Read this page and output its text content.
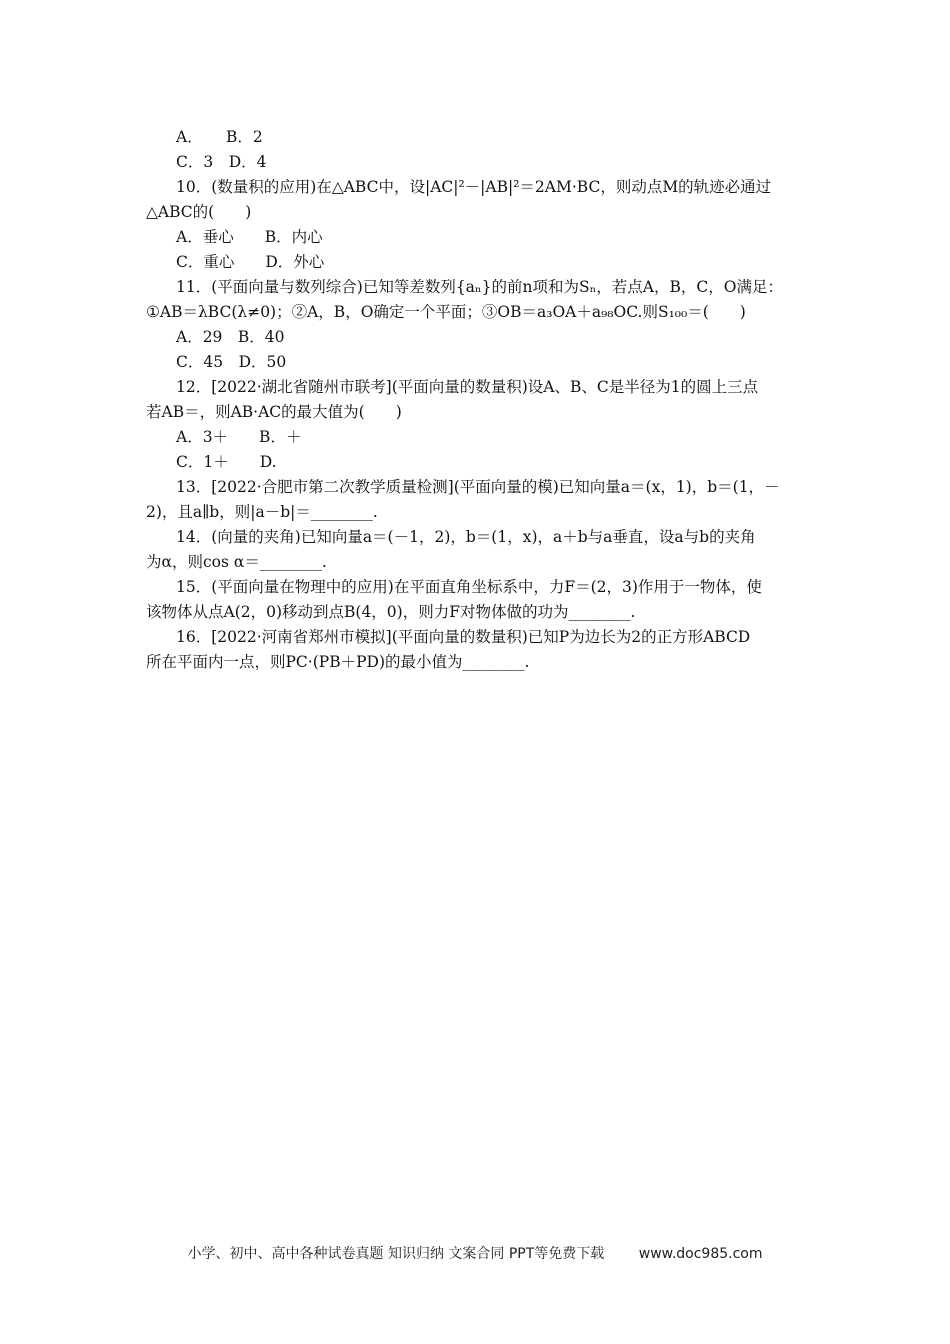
A．　　B．2
C．3　D．4
10．(数量积的应用)在△ABC中，设|AC|²－|AB|²＝2AM·BC，则动点M的轨迹必通过
△ABC的(　　)
A．垂心　　B．内心
C．重心　　D．外心
11．(平面向量与数列综合)已知等差数列{aₙ}的前n项和为Sₙ，若点A，B，C，O满足：
①AB＝λBC(λ≠0)；②A，B，O确定一个平面；③OB＝a₃OA＋a₉₈OC.则S₁₀₀＝(　　)
A．29　B．40
C．45　D．50
12．[2022·湖北省随州市联考](平面向量的数量积)设A、B、C是半径为1的圆上三点
若AB＝，则AB·AC的最大值为(　　)
A．3＋　　B．＋
C．1＋　　D.
13．[2022·合肥市第二次教学质量检测](平面向量的模)已知向量a＝(x，1)，b＝(1，－
2)，且a∥b，则|a－b|＝________.
14．(向量的夹角)已知向量a＝(－1，2)，b＝(1，x)，a＋b与a垂直，设a与b的夹角
为α，则cos α＝________.
15．(平面向量在物理中的应用)在平面直角坐标系中，力F＝(2，3)作用于一物体，使
该物体从点A(2，0)移动到点B(4，0)，则力F对物体做的功为________.
16．[2022·河南省郑州市模拟](平面向量的数量积)已知P为边长为2的正方形ABCD
所在平面内一点，则PC·(PB＋PD)的最小值为________.
小学、初中、高中各种试卷真题 知识归纳 文案合同 PPT等免费下载 www.doc985.com
